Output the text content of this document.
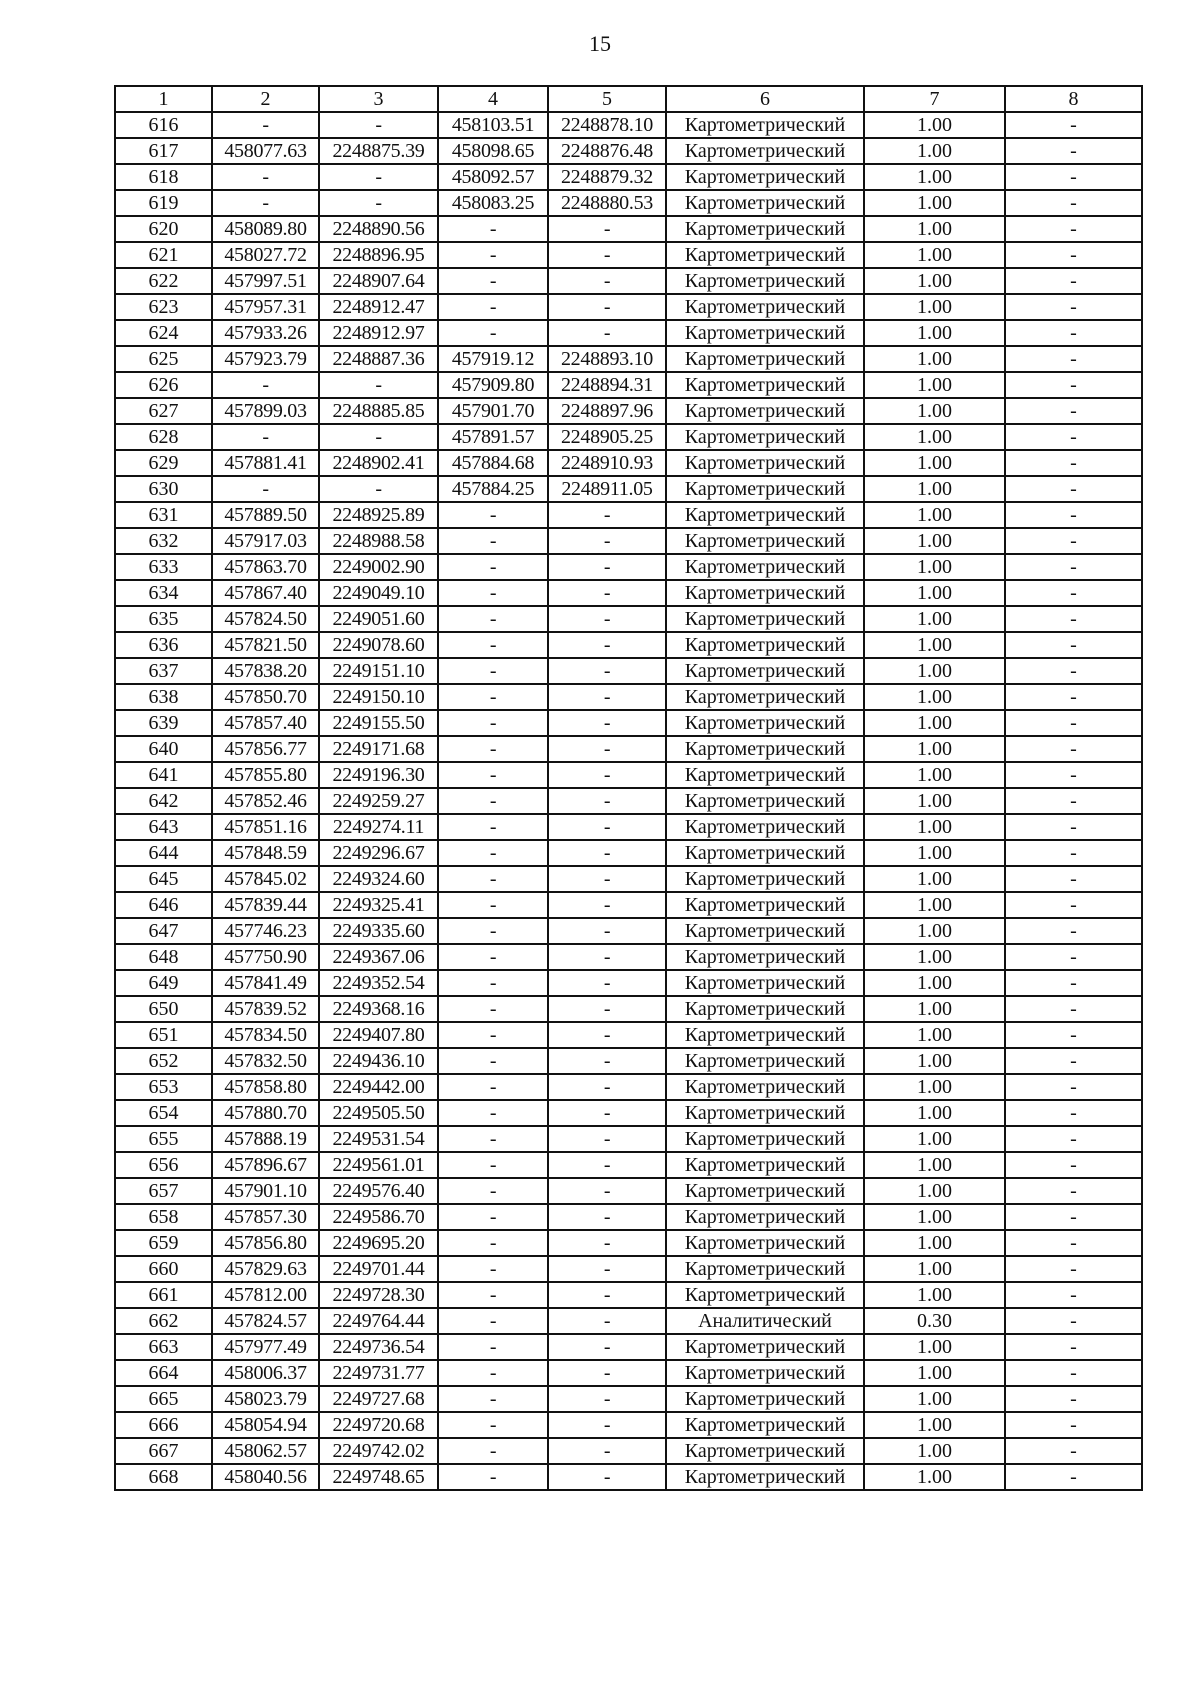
15
1	2	3	4	5	6	7	8
616	-	-	458103.51	2248878.10	Картометрический	1.00	-
617	458077.63	2248875.39	458098.65	2248876.48	Картометрический	1.00	-
618	-	-	458092.57	2248879.32	Картометрический	1.00	-
619	-	-	458083.25	2248880.53	Картометрический	1.00	-
620	458089.80	2248890.56	-	-	Картометрический	1.00	-
621	458027.72	2248896.95	-	-	Картометрический	1.00	-
622	457997.51	2248907.64	-	-	Картометрический	1.00	-
623	457957.31	2248912.47	-	-	Картометрический	1.00	-
624	457933.26	2248912.97	-	-	Картометрический	1.00	-
625	457923.79	2248887.36	457919.12	2248893.10	Картометрический	1.00	-
626	-	-	457909.80	2248894.31	Картометрический	1.00	-
627	457899.03	2248885.85	457901.70	2248897.96	Картометрический	1.00	-
628	-	-	457891.57	2248905.25	Картометрический	1.00	-
629	457881.41	2248902.41	457884.68	2248910.93	Картометрический	1.00	-
630	-	-	457884.25	2248911.05	Картометрический	1.00	-
631	457889.50	2248925.89	-	-	Картометрический	1.00	-
632	457917.03	2248988.58	-	-	Картометрический	1.00	-
633	457863.70	2249002.90	-	-	Картометрический	1.00	-
634	457867.40	2249049.10	-	-	Картометрический	1.00	-
635	457824.50	2249051.60	-	-	Картометрический	1.00	-
636	457821.50	2249078.60	-	-	Картометрический	1.00	-
637	457838.20	2249151.10	-	-	Картометрический	1.00	-
638	457850.70	2249150.10	-	-	Картометрический	1.00	-
639	457857.40	2249155.50	-	-	Картометрический	1.00	-
640	457856.77	2249171.68	-	-	Картометрический	1.00	-
641	457855.80	2249196.30	-	-	Картометрический	1.00	-
642	457852.46	2249259.27	-	-	Картометрический	1.00	-
643	457851.16	2249274.11	-	-	Картометрический	1.00	-
644	457848.59	2249296.67	-	-	Картометрический	1.00	-
645	457845.02	2249324.60	-	-	Картометрический	1.00	-
646	457839.44	2249325.41	-	-	Картометрический	1.00	-
647	457746.23	2249335.60	-	-	Картометрический	1.00	-
648	457750.90	2249367.06	-	-	Картометрический	1.00	-
649	457841.49	2249352.54	-	-	Картометрический	1.00	-
650	457839.52	2249368.16	-	-	Картометрический	1.00	-
651	457834.50	2249407.80	-	-	Картометрический	1.00	-
652	457832.50	2249436.10	-	-	Картометрический	1.00	-
653	457858.80	2249442.00	-	-	Картометрический	1.00	-
654	457880.70	2249505.50	-	-	Картометрический	1.00	-
655	457888.19	2249531.54	-	-	Картометрический	1.00	-
656	457896.67	2249561.01	-	-	Картометрический	1.00	-
657	457901.10	2249576.40	-	-	Картометрический	1.00	-
658	457857.30	2249586.70	-	-	Картометрический	1.00	-
659	457856.80	2249695.20	-	-	Картометрический	1.00	-
660	457829.63	2249701.44	-	-	Картометрический	1.00	-
661	457812.00	2249728.30	-	-	Картометрический	1.00	-
662	457824.57	2249764.44	-	-	Аналитический	0.30	-
663	457977.49	2249736.54	-	-	Картометрический	1.00	-
664	458006.37	2249731.77	-	-	Картометрический	1.00	-
665	458023.79	2249727.68	-	-	Картометрический	1.00	-
666	458054.94	2249720.68	-	-	Картометрический	1.00	-
667	458062.57	2249742.02	-	-	Картометрический	1.00	-
668	458040.56	2249748.65	-	-	Картометрический	1.00	-
